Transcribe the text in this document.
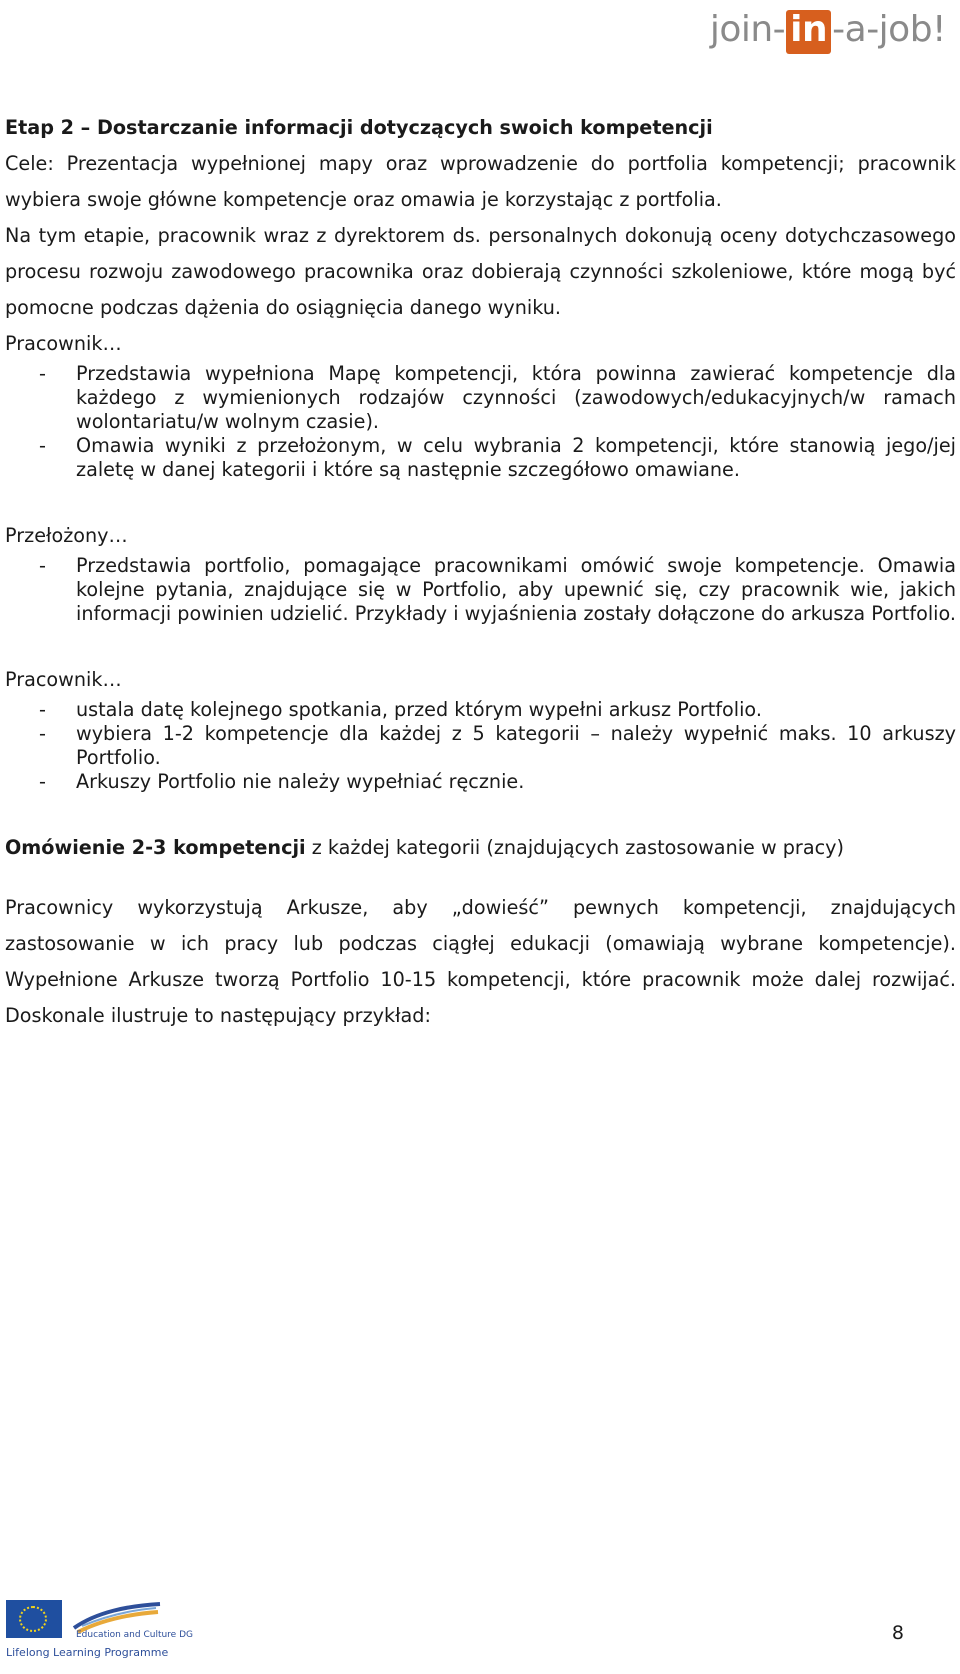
join- in -a-job!

Etap 2 – Dostarczanie informacji dotyczących swoich kompetencji

Cele: Prezentacja wypełnionej mapy oraz wprowadzenie do portfolia kompetencji; pracownik wybiera swoje główne kompetencje oraz omawia je korzystając z portfolia.

Na tym etapie, pracownik wraz z dyrektorem ds. personalnych dokonują oceny dotychczasowego procesu rozwoju zawodowego pracownika oraz dobierają czynności szkoleniowe, które mogą być pomocne podczas dążenia do osiągnięcia danego wyniku.

Pracownik…

- Przedstawia wypełniona Mapę kompetencji, która powinna zawierać kompetencje dla każdego z wymienionych rodzajów czynności (zawodowych/edukacyjnych/w ramach wolontariatu/w wolnym czasie).
- Omawia wyniki z przełożonym, w celu wybrania 2 kompetencji, które stanowią jego/jej zaletę w danej kategorii i które są następnie szczegółowo omawiane.

Przełożony…

- Przedstawia portfolio, pomagające pracownikami omówić swoje kompetencje. Omawia kolejne pytania, znajdujące się w Portfolio, aby upewnić się, czy pracownik wie, jakich informacji powinien udzielić. Przykłady i wyjaśnienia zostały dołączone do arkusza Portfolio.

Pracownik…

- ustala datę kolejnego spotkania, przed którym wypełni arkusz Portfolio.
- wybiera 1-2 kompetencje dla każdej z 5 kategorii – należy wypełnić maks. 10 arkuszy Portfolio.
- Arkuszy Portfolio nie należy wypełniać ręcznie.

Omówienie 2-3 kompetencji z każdej kategorii (znajdujących zastosowanie w pracy)

Pracownicy wykorzystują Arkusze, aby „dowieść” pewnych kompetencji, znajdujących zastosowanie w ich pracy lub podczas ciągłej edukacji (omawiają wybrane kompetencje). Wypełnione Arkusze tworzą Portfolio 10-15 kompetencji, które pracownik może dalej rozwijać. Doskonale ilustruje to następujący przykład:

Education and Culture DG
Lifelong Learning Programme
8
